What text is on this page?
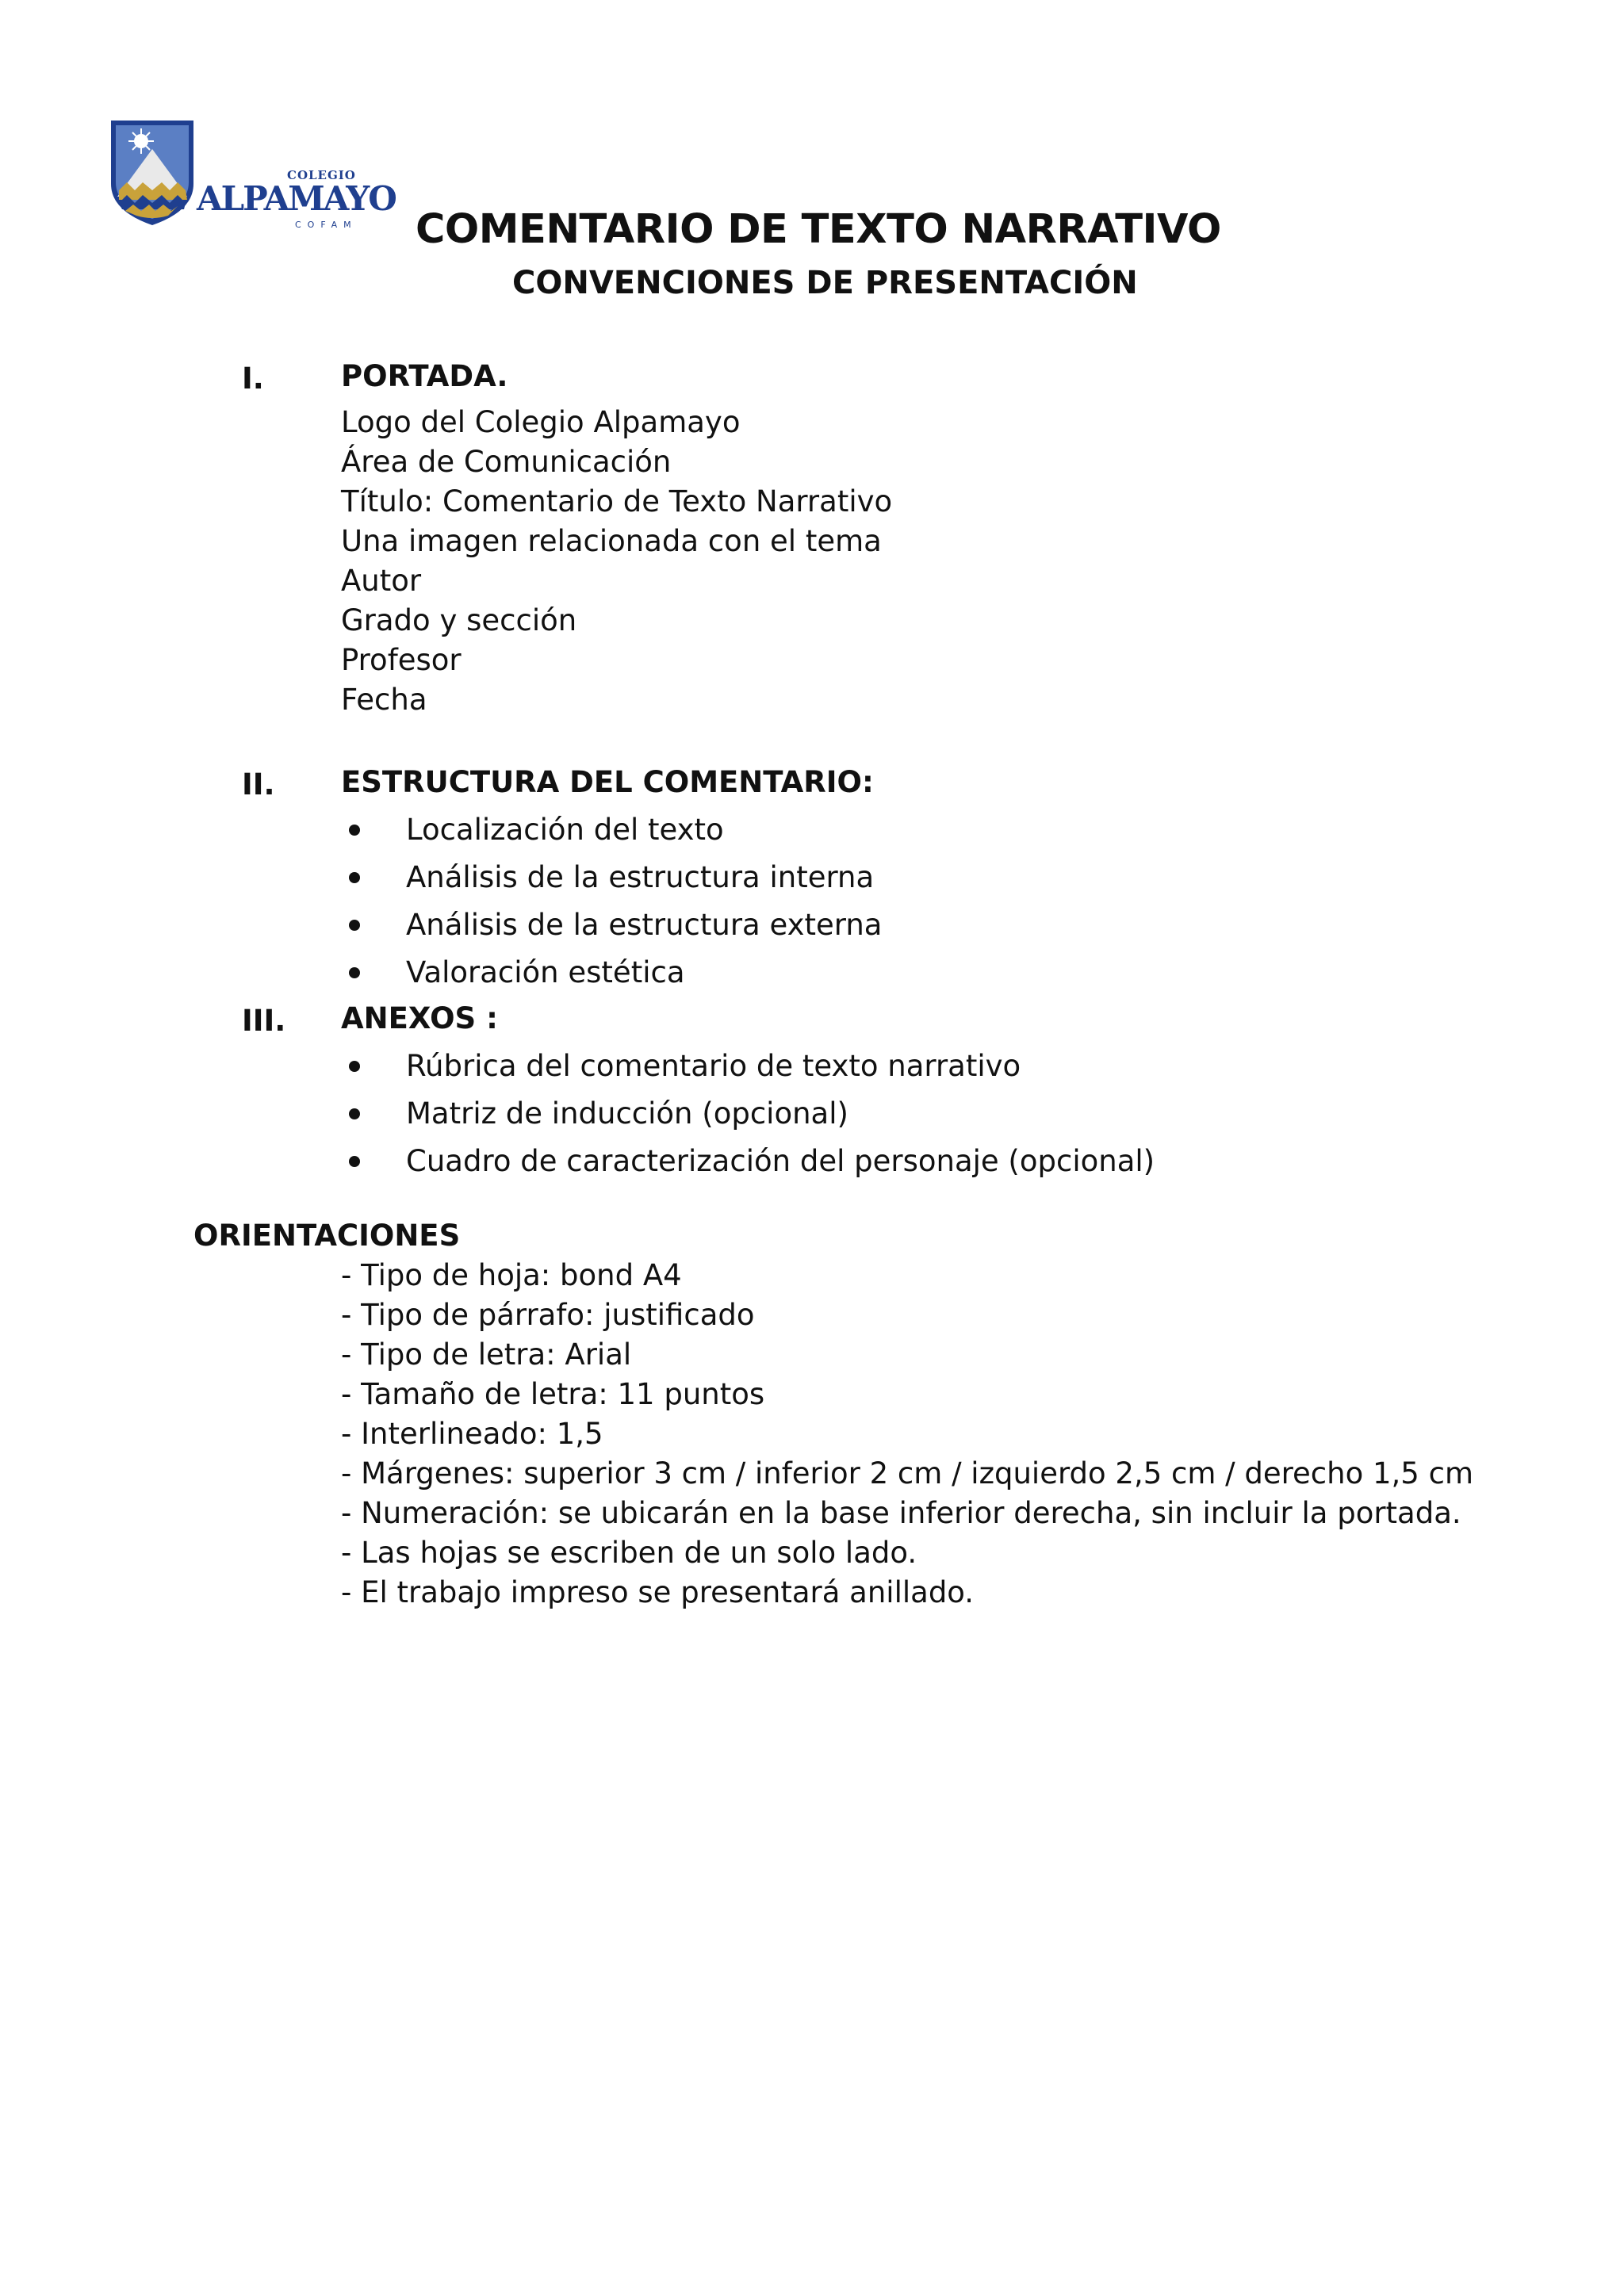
COLEGIO
ALPAMAYO
COFAM COMENTARIO DE TEXTO NARRATIVO
CONVENCIONES DE PRESENTACIÓN
I.	PORTADA.
Logo del Colegio Alpamayo
Área de Comunicación
Título: Comentario de Texto Narrativo
Una imagen relacionada con el tema
Autor
Grado y sección
Profesor
Fecha
II. ESTRUCTURA DEL COMENTARIO:
Localización del texto
Análisis de la estructura interna
Análisis de la estructura externa
Valoración estética
III. ANEXOS :
Rúbrica del comentario de texto narrativo
Matriz de inducción (opcional)
Cuadro de caracterización del personaje (opcional)
ORIENTACIONES
- Tipo de hoja: bond A4
- Tipo de párrafo: justificado
- Tipo de letra: Arial
- Tamaño de letra: 11 puntos
- Interlineado: 1,5
- Márgenes: superior 3 cm / inferior 2 cm / izquierdo 2,5 cm / derecho 1,5 cm
- Numeración: se ubicarán en la base inferior derecha, sin incluir la portada.
- Las hojas se escriben de un solo lado.
- El trabajo impreso se presentará anillado.
